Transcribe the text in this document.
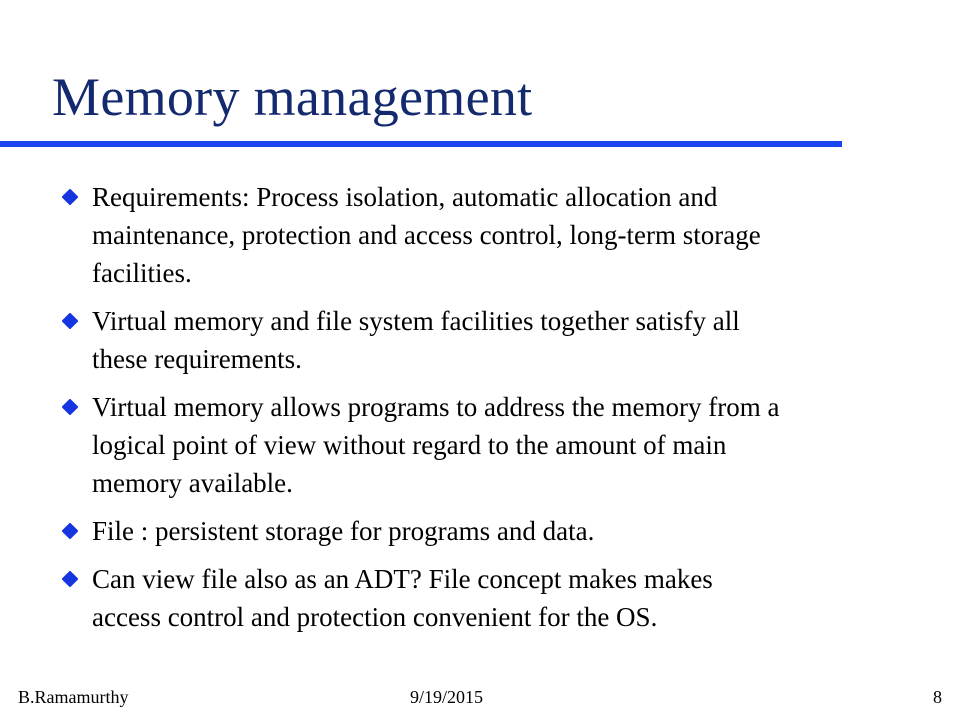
Memory management
Requirements: Process isolation, automatic allocation and
maintenance, protection and access control, long-term storage
facilities.
Virtual memory and file system facilities together satisfy all
these requirements.
Virtual memory allows programs to address the memory from a
logical point of view without regard to the amount of main
memory available.
File : persistent storage for programs and data.
Can view file also as an ADT? File concept makes makes
access control and protection convenient for the OS.
B.Ramamurthy	9/19/2015	8
